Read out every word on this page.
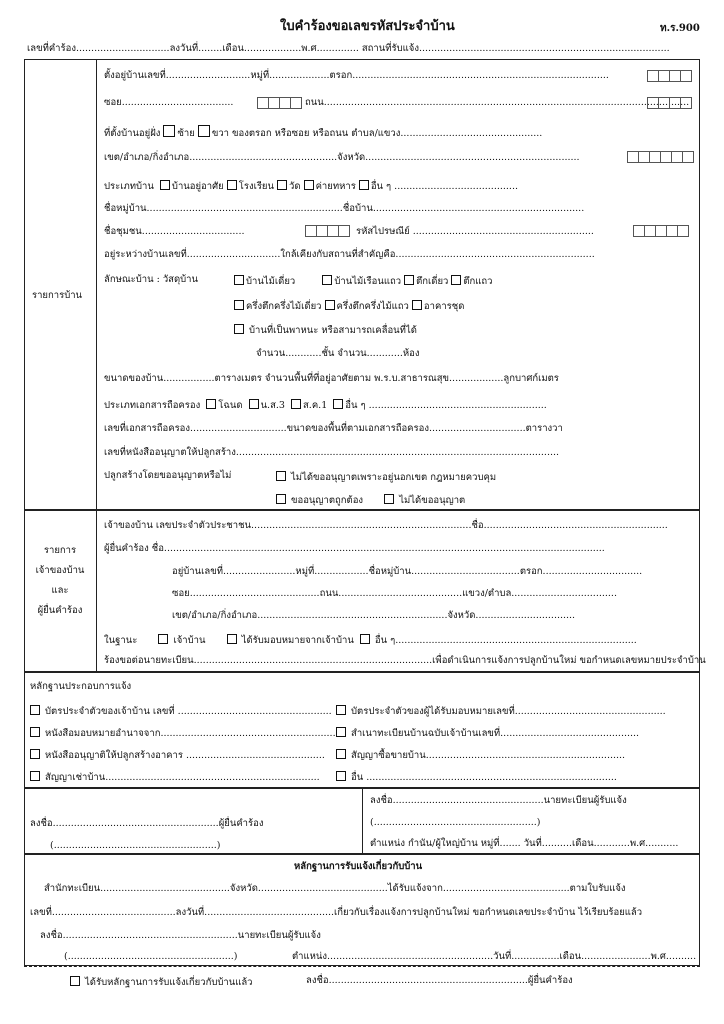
ใบคำร้องขอเลขรหัสประจำบ้าน	ท.ร.900
เลขที่คำร้อง...............................ลงวันที่........เดือน...................พ.ศ.............. สถานที่รับแจ้ง...................................................................................
รายการบ้าน
ตั้งอยู่บ้านเลขที่............................หมู่ที่....................ตรอก.....................................................................................
ซอย.....................................	ถนน.........................................................................................................................
ที่ตั้งบ้านอยู่ฝั่ง ซ้าย ขวา ของตรอก หรือซอย หรือถนน ตำบล/แขวง...............................................
เขต/อำเภอ/กิ่งอำเภอ.................................................จังหวัด.......................................................................
ประเภทบ้าน บ้านอยู่อาศัย โรงเรียน วัด ค่ายทหาร อื่น ๆ .........................................
ชื่อหมู่บ้าน.................................................................ชื่อบ้าน......................................................................
ชื่อชุมชน..................................	รหัสไปรษณีย์ ............................................................
อยู่ระหว่างบ้านเลขที่...............................ใกล้เคียงกับสถานที่สำคัญคือ..................................................................
ลักษณะบ้าน : วัสดุบ้าน	บ้านไม้เดี่ยว	บ้านไม้เรือนแถว ตึกเดี่ยว ตึกแถว
ครึ่งตึกครึ่งไม้เดี่ยว ครึ่งตึกครึ่งไม้แถว อาคารชุด
บ้านที่เป็นพาหนะ หรือสามารถเคลื่อนที่ได้
จำนวน............ชั้น จำนวน............ห้อง
ขนาดของบ้าน.................ตารางเมตร จำนวนพื้นที่ที่อยู่อาศัยตาม พ.ร.บ.สาธารณสุข..................ลูกบาศก์เมตร
ประเภทเอกสารถือครอง โฉนด น.ส.3 ส.ค.1 อื่น ๆ ...........................................................
เลขที่เอกสารถือครอง................................ขนาดของพื้นที่ตามเอกสารถือครอง................................ตารางวา
เลขที่หนังสืออนุญาตให้ปลูกสร้าง...........................................................................................................
ปลูกสร้างโดยขออนุญาตหรือไม่	ไม่ได้ขออนุญาตเพราะอยู่นอกเขต กฎหมายควบคุม
ขออนุญาตถูกต้อง	ไม่ได้ขออนุญาต
รายการ
เจ้าของบ้าน
และ
ผู้ยื่นคำร้อง
เจ้าของบ้าน เลขประจำตัวประชาชน.........................................................................ชื่อ.............................................................
ผู้ยื่นคำร้อง ชื่อ..................................................................................................................................................
อยู่บ้านเลขที่........................หมู่ที่..................ชื่อหมู่บ้าน....................................ตรอก.................................
ซอย...........................................ถนน.........................................แขวง/ตำบล...................................
เขต/อำเภอ/กิ่งอำเภอ...............................................................จังหวัด.................................
ในฐานะ	เจ้าบ้าน	ได้รับมอบหมายจากเจ้าบ้าน อื่น ๆ................................................................................
ร้องขอต่อนายทะเบียน...............................................................................เพื่อดำเนินการแจ้งการปลูกบ้านใหม่ ขอกำหนดเลขหมายประจำบ้าน
หลักฐานประกอบการแจ้ง
บัตรประจำตัวของเจ้าบ้าน เลขที่ ...................................................	บัตรประจำตัวของผู้ได้รับมอบหมายเลขที่..................................................
หนังสือมอบหมายอำนาจจาก..........................................................	สำเนาทะเบียนบ้านฉบับเจ้าบ้านเลขที่..............................................
หนังสืออนุญาติให้ปลูกสร้างอาคาร ..............................................	สัญญาซื้อขายบ้าน..................................................................
สัญญาเช่าบ้าน.......................................................................	อื่น ...................................................................................
ลงชื่อ.......................................................ผู้ยื่นคำร้อง
(......................................................)
ลงชื่อ..................................................นายทะเบียนผู้รับแจ้ง
(......................................................)
ตำแหน่ง กำนัน/ผู้ใหญ่บ้าน หมู่ที่....... วันที่..........เดือน............พ.ศ...........
หลักฐานการรับแจ้งเกี่ยวกับบ้าน
สำนักทะเบียน...........................................จังหวัด...........................................ได้รับแจ้งจาก..........................................ตามใบรับแจ้ง
เลขที่.........................................ลงวันที่...........................................เกี่ยวกับเรื่องแจ้งการปลูกบ้านใหม่ ขอกำหนดเลขประจำบ้าน ไว้เรียบร้อยแล้ว
ลงชื่อ..........................................................นายทะเบียนผู้รับแจ้ง
(.......................................................)	ตำแหน่ง.......................................................วันที่................เดือน.......................พ.ศ..........
ได้รับหลักฐานการรับแจ้งเกี่ยวกับบ้านแล้ว	ลงชื่อ..................................................................ผู้ยื่นคำร้อง
